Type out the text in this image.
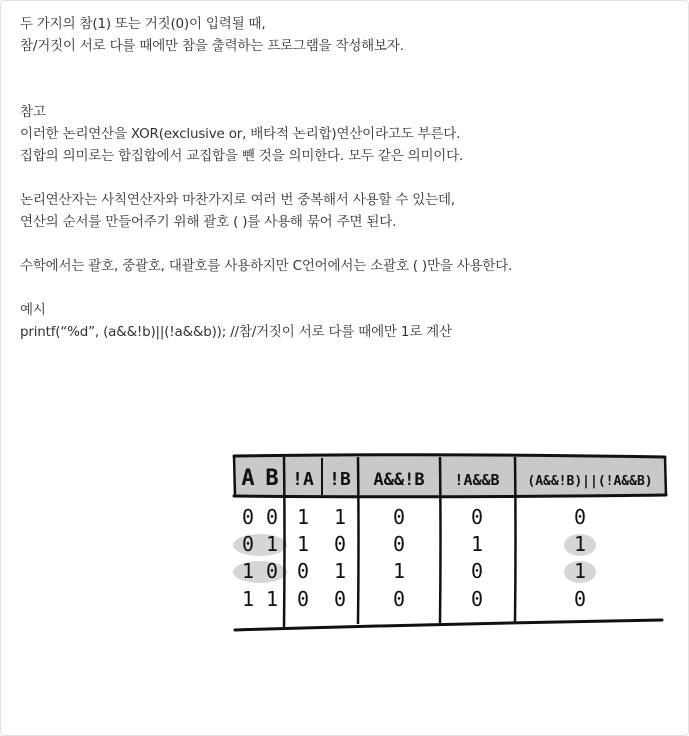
두 가지의 참(1) 또는 거짓(0)이 입력될 때,

참/거짓이 서로 다를 때에만 참을 출력하는 프로그램을 작성해보자.

참고

이러한 논리연산을 XOR(exclusive or, 배타적 논리합)연산이라고도 부른다.

집합의 의미로는 합집합에서 교집합을 뺀 것을 의미한다. 모두 같은 의미이다.

논리연산자는 사칙연산자와 마찬가지로 여러 번 중복해서 사용할 수 있는데,

연산의 순서를 만들어주기 위해 괄호 ( )를 사용해 묶어 주면 된다.

수학에서는 괄호, 중괄호, 대괄호를 사용하지만 C언어에서는 소괄호 ( )만을 사용한다.

예시

printf(“%d”, (a&&!b)||(!a&&b)); //참/거짓이 서로 다를 때에만 1로 계산

A B !A !B A&&!B !A&&B (A&&!B)||(!A&&B)
0 0 1 1 0	0	0
0 1 1 0 0	1	1
1 0 0 1 1	0	1
1 1 0 0 0	0	0
